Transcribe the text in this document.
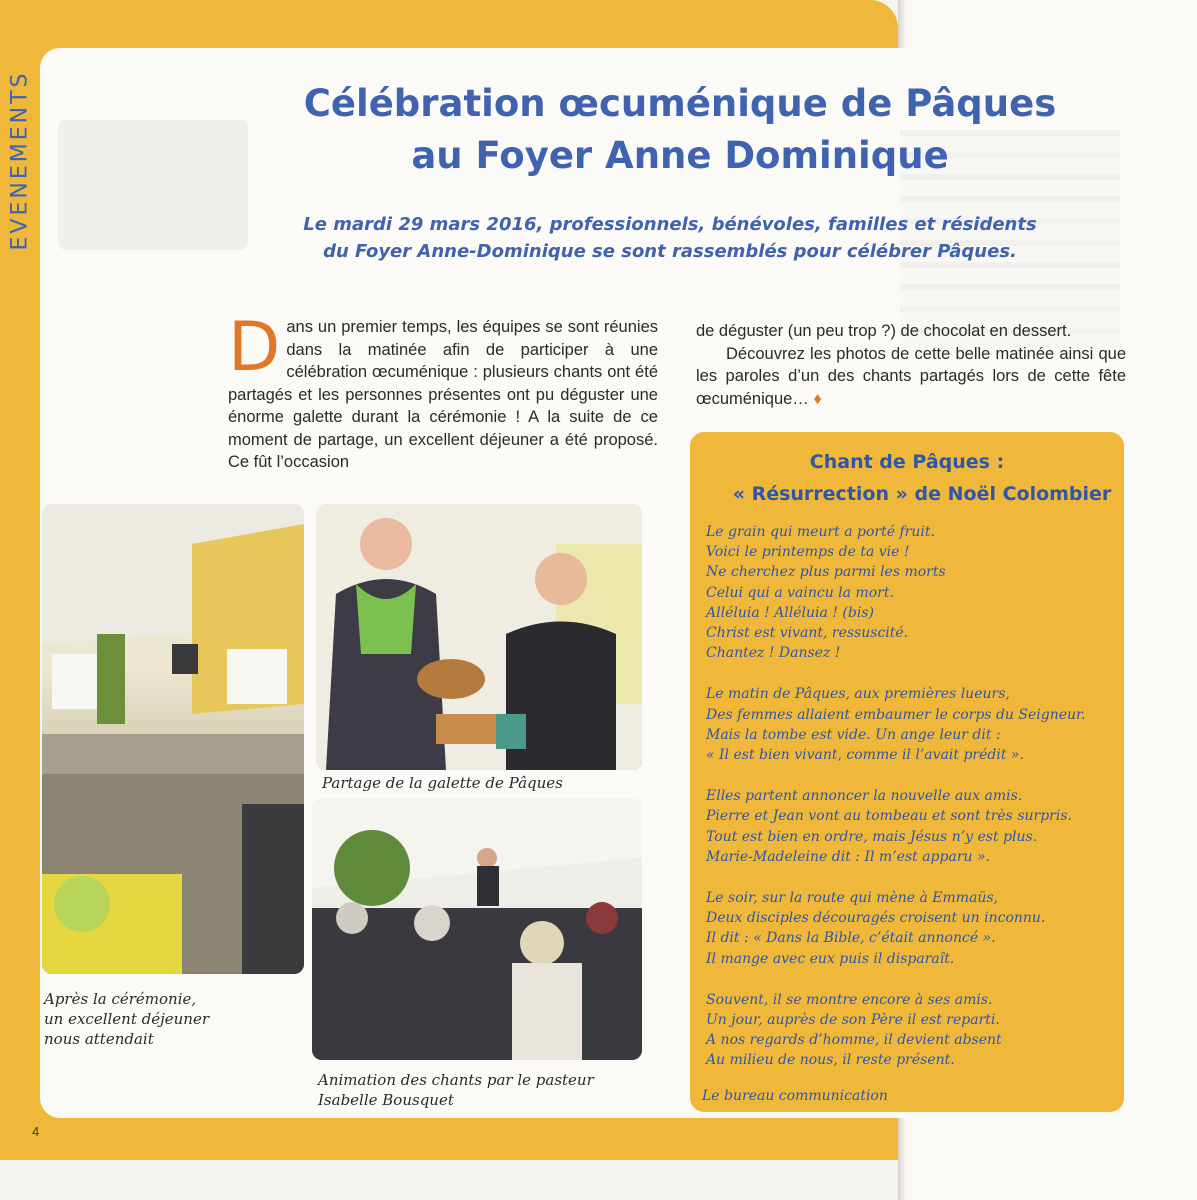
EVENEMENTS	Célébration œcuménique de Pâques
au Foyer Anne Dominique
Le mardi 29 mars 2016, professionnels, bénévoles, familles et résidents
du Foyer Anne-Dominique se sont rassemblés pour célébrer Pâques.
Dans un premier temps, les équipes se sont réunies dans la matinée afin de participer à une célébration œcuménique : plusieurs chants ont été partagés et les personnes présentes ont pu déguster une énorme galette durant la cérémonie ! A la suite de ce moment de partage, un excellent déjeuner a été proposé. Ce fût l’occasion
de déguster (un peu trop ?) de chocolat en dessert.
Découvrez les photos de cette belle matinée ainsi que les paroles d’un des chants partagés lors de cette fête œcuménique… ♦
Après la cérémonie,
un excellent déjeuner
nous attendait
Partage de la galette de Pâques
Animation des chants par le pasteur
Isabelle Bousquet
Chant de Pâques :
« Résurrection » de Noël Colombier
Le grain qui meurt a porté fruit.
Voici le printemps de ta vie !
Ne cherchez plus parmi les morts
Celui qui a vaincu la mort.
Alléluia ! Alléluia ! (bis)
Christ est vivant, ressuscité.
Chantez ! Dansez !
Le matin de Pâques, aux premières lueurs,
Des femmes allaient embaumer le corps du Seigneur.
Mais la tombe est vide. Un ange leur dit :
« Il est bien vivant, comme il l’avait prédit ».
Elles partent annoncer la nouvelle aux amis.
Pierre et Jean vont au tombeau et sont très surpris.
Tout est bien en ordre, mais Jésus n’y est plus.
Marie-Madeleine dit : Il m’est apparu ».
Le soir, sur la route qui mène à Emmaüs,
Deux disciples découragés croisent un inconnu.
Il dit : « Dans la Bible, c’était annoncé ».
Il mange avec eux puis il disparaît.
Souvent, il se montre encore à ses amis.
Un jour, auprès de son Père il est reparti.
A nos regards d’homme, il devient absent
Au milieu de nous, il reste présent.
Le bureau communication
4
